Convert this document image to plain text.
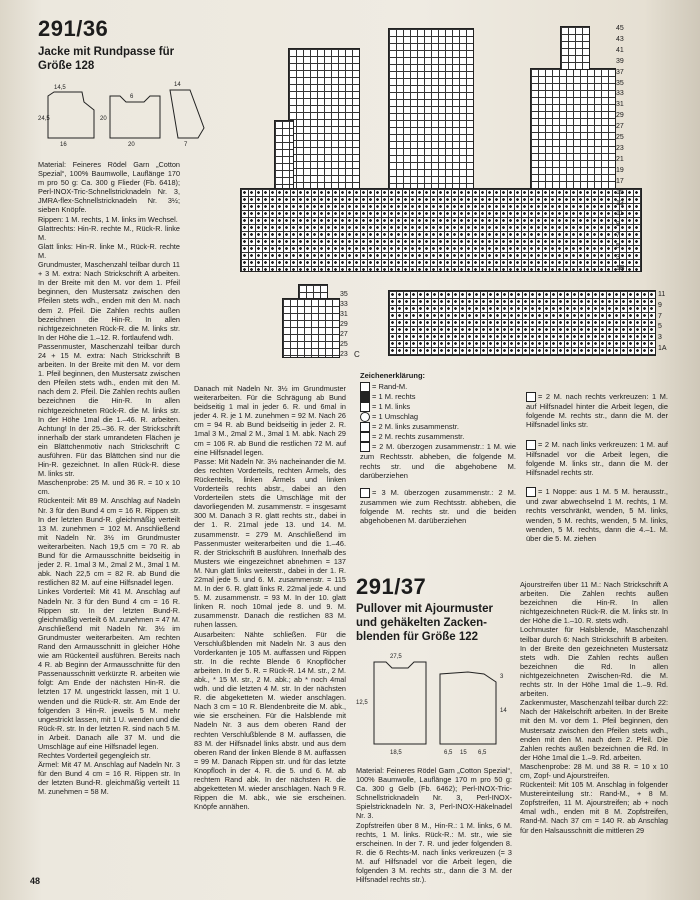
291/36
Jacke mit Rundpasse für
Größe 128
14,5	14
6
20	7
16
24,5	20

Material: Feineres Rödel Garn „Cotton Spezial“, 100% Baumwolle, Lauflänge 170 m pro 50 g: Ca. 300 g Flieder (Fb. 6418); Perl-INOX-Tric-Schnellstricknadeln Nr. 3, JMRA-flex-Schnellstricknadeln Nr. 3½; sieben Knöpfe.

Rippen: 1 M. rechts, 1 M. links im Wechsel.

Glattrechts: Hin-R. rechte M., Rück-R. linke M.

Glatt links: Hin-R. linke M., Rück-R. rechte M.

Grundmuster, Maschenzahl teilbar durch 11 + 3 M. extra: Nach Strickschrift A arbeiten. In der Breite mit den M. vor dem 1. Pfeil beginnen, den Mustersatz zwischen den Pfeilen stets wdh., enden mit den M. nach dem 2. Pfeil. Die Zahlen rechts außen bezeichnen die Hin-R. In allen nichtgezeichneten Rück-R. die M. links str. In der Höhe die 1.–12. R. fortlaufend wdh.

Passenmuster, Maschenzahl teilbar durch 24 + 15 M. extra: Nach Strickschrift B arbeiten. In der Breite mit den M. vor dem 1. Pfeil beginnen, den Mustersatz zwischen den Pfeilen stets wdh., enden mit den M. nach dem 2. Pfeil. Die Zahlen rechts außen bezeichnen die Hin-R. In allen nichtgezeichneten Rück-R. die M. links str. In der Höhe 1mal die 1.–46. R. arbeiten. Achtung! In der 25.–36. R. der Strickschrift innerhalb der stark umrandeten Flächen je ein Blättchenmotiv nach Strickschrift C ausführen. Für das Blättchen sind nur die Hin-R. gezeichnet. In allen Rück-R. diese M. links str.

Maschenprobe: 25 M. und 36 R. = 10 x 10 cm.

Rückenteil: Mit 89 M. Anschlag auf Nadeln Nr. 3 für den Bund 4 cm = 16 R. Rippen str. In der letzten Bund-R. gleichmäßig verteilt 13 M. zunehmen = 102 M. Anschließend mit Nadeln Nr. 3½ im Grundmuster weiterarbeiten. Nach 19,5 cm = 70 R. ab Bund für die Armausschnitte beidseitig in jeder 2. R. 1mal 3 M., 2mal 2 M., 3mal 1 M. abk. Nach 22,5 cm = 82 R. ab Bund die restlichen 82 M. auf eine Hilfsnadel legen.

Linkes Vorderteil: Mit 41 M. Anschlag auf Nadeln Nr. 3 für den Bund 4 cm = 16 R. Rippen str. In der letzten Bund-R. gleichmäßig verteilt 6 M. zunehmen = 47 M. Anschließend mit Nadeln Nr. 3½ im Grundmuster weiterarbeiten. Am rechten Rand den Armausschnitt in gleicher Höhe wie am Rückenteil ausführen. Bereits nach 4 R. ab Beginn der Armausschnitte für den Passenausschnitt verkürzte R. arbeiten wie folgt: Am Ende der nächsten Hin-R. die letzten 17 M. ungestrickt lassen, mit 1 U. wenden und die Rück-R. str. Am Ende der folgenden 3 Hin-R. jeweils 5 M. mehr ungestrickt lassen, mit 1 U. wenden und die Rück-R. str. In der letzten R. sind nach 5 M. in Arbeit. Danach alle 37 M. und die Umschläge auf eine Hilfsnadel legen.

Rechtes Vorderteil gegengleich str.

Ärmel: Mit 47 M. Anschlag auf Nadeln Nr. 3 für den Bund 4 cm = 16 R. Rippen str. In der letzten Bund-R. gleichmäßig verteilt 11 M. zunehmen = 58 M.

48
45
43
41
39
37
35
33
31
29
27
25
23
21
19
17
15
13
11
9
7
5
3
1B
35
33
31
29
27
25
23 C
11
9
7
5
3
1A

Danach mit Nadeln Nr. 3½ im Grundmuster weiterarbeiten. Für die Schrägung ab Bund beidseitig 1 mal in jeder 6. R. und 6mal in jeder 4. R. je 1 M. zunehmen = 92 M. Nach 26 cm = 94 R. ab Bund beidseitig in jeder 2. R. 1mal 3 M., 2mal 2 M., 3mal 1 M. abk. Nach 29 cm = 106 R. ab Bund die restlichen 72 M. auf eine Hilfsnadel legen.

Passe: Mit Nadeln Nr. 3½ nacheinander die M. des rechten Vorderteils, rechten Ärmels, des Rückenteils, linken Ärmels und linken Vorderteils rechts abstr., dabei an den Vorderteilen stets die Umschläge mit der davorliegenden M. zusammenstr. = insgesamt 300 M. Danach 3 R. glatt rechts str., dabei in der 1. R. 21mal jede 13. und 14. M. zusammenstr. = 279 M. Anschließend im Passenmuster weiterarbeiten und die 1.–46. R. der Strickschrift B ausführen. Innerhalb des Musters wie eingezeichnet abnehmen = 137 M. Nun glatt links weiterstr., dabei in der 1. R. 22mal jede 5. und 6. M. zusammenstr. = 115 M. In der 6. R. glatt links R. 22mal jede 4. und 5. M. zusammenstr. = 93 M. In der 10. glatt linken R. noch 10mal jede 8. und 9. M. zusammenstr. Danach die restlichen 83 M. ruhen lassen.

Ausarbeiten: Nähte schließen. Für die Verschlußblenden mit Nadeln Nr. 3 aus den Vorderkanten je 105 M. auffassen und Rippen str. In die rechte Blende 6 Knopflöcher arbeiten. In der 5. R. = Rück-R. 14 M. str., 2 M. abk., * 15 M. str., 2 M. abk.; ab * noch 4mal wdh. und die letzten 4 M. str. In der nächsten R. die abgeketteten M. wieder anschlagen. Nach 3 cm = 10 R. Blendenbreite die M. abk., wie sie erscheinen. Für die Halsblende mit Nadeln Nr. 3 aus dem oberen Rand der rechten Verschlußblende 8 M. auffassen, die 83 M. der Hilfsnadel links abstr. und aus dem oberen Rand der linken Blende 8 M. auffassen = 99 M. Danach Rippen str. und für das letzte Knopfloch in der 4. R. die 5. und 6. M. ab rechtem Rand abk. In der nächsten R. die abgeketteten M. wieder anschlagen. Nach 9 R. Rippen die M. abk., wie sie erscheinen. Knöpfe annähen.

Zeichenerklärung:
= Rand-M.
= 1 M. rechts
= 1 M. links
= 1 Umschlag
= 2 M. links zusammenstr.
= 2 M. rechts zusammenstr.
= 2 M. überzogen zusammenstr.: 1 M. wie zum Rechtsstr. abheben, die folgende M. rechts str. und die abgehobene M. darüberziehen
= 3 M. überzogen zusammenstr.: 2 M. zusammen wie zum Rechtsstr. abheben, die folgende M. rechts str. und die beiden abgehobenen M. darüberziehen
= 2 M. nach rechts verkreuzen: 1 M. auf Hilfsnadel hinter die Arbeit legen, die folgende M. rechts str., dann die M. der Hilfsnadel links str.
= 2 M. nach links verkreuzen: 1 M. auf Hilfsnadel vor die Arbeit legen, die folgende M. links str., dann die M. der Hilfsnadel rechts str.
= 1 Noppe: aus 1 M. 5 M. herausstr., und zwar abwechselnd 1 M. rechts, 1 M. rechts verschränkt, wenden, 5 M. links, wenden, 5 M. rechts, wenden, 5 M. links, wenden, 5 M. rechts, dann die 4.–1. M. über die 5. M. ziehen
291/37
Pullover mit Ajourmuster
und gehäkelten Zacken-
blenden für Größe 122
27,5
12,5
18,5	6,5 15 6,5
3
14

Material: Feineres Rödel Garn „Cotton Spezial“, 100% Baumwolle, Lauflänge 170 m pro 50 g: Ca. 300 g Gelb (Fb. 6462); Perl-INOX-Tric-Schnellstricknadeln Nr. 3, Perl-INOX-Spielstricknadeln Nr. 3, Perl-INOX-Häkelnadel Nr. 3.

Zopfstreifen über 8 M., Hin-R.: 1 M. links, 6 M. rechts, 1 M. links. Rück-R.: M. str., wie sie erscheinen. In der 7. R. und jeder folgenden 8. R. die 6 Rechts-M. nach links verkreuzen (= 3 M. auf Hilfsnadel vor die Arbeit legen, die folgenden 3 M. rechts str., dann die 3 M. der Hilfsnadel rechts str.).

Ajourstreifen über 11 M.: Nach Strickschrift A arbeiten. Die Zahlen rechts außen bezeichnen die Hin-R. In allen nichtgezeichneten Rück-R. die M. links str. In der Höhe die 1.–10. R. stets wdh.

Lochmuster für Halsblende, Maschenzahl teilbar durch 6: Nach Strickschrift B arbeiten. In der Breite den gezeichneten Mustersatz stets wdh. Die Zahlen rechts außen bezeichnen die Rd. In allen nichtgezeichneten Zwischen-Rd. die M. rechts str. In der Höhe 1mal die 1.–9. Rd. arbeiten.

Zackenmuster, Maschenzahl teilbar durch 22: Nach der Häkelschrift arbeiten. In der Breite mit den M. vor dem 1. Pfeil beginnen, den Mustersatz zwischen den Pfeilen stets wdh., enden mit den M. nach dem 2. Pfeil. Die Zahlen rechts außen bezeichnen die Rd. In der Höhe 1mal die 1.–9. Rd. arbeiten.

Maschenprobe: 28 M. und 38 R. = 10 x 10 cm, Zopf- und Ajourstreifen.

Rückenteil: Mit 105 M. Anschlag in folgender Mustereinteilung str.: Rand-M., + 8 M. Zopfstreifen, 11 M. Ajourstreifen; ab + noch 4mal wdh., enden mit 8 M. Zopfstreifen, Rand-M. Nach 37 cm = 140 R. ab Anschlag für den Halsausschnitt die mittleren 29
